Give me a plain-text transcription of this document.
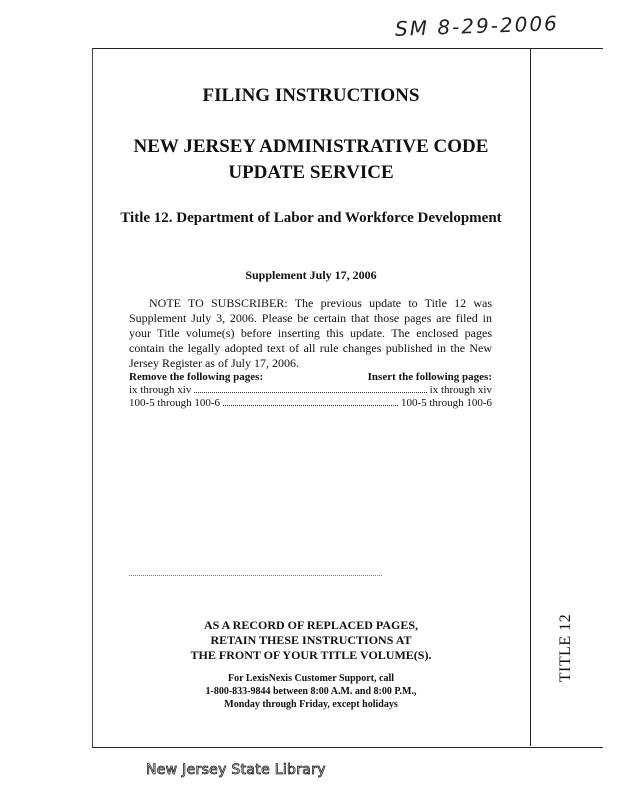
SM 8-29-2006
TITLE 12
FILING INSTRUCTIONS
NEW JERSEY ADMINISTRATIVE CODE
UPDATE SERVICE
Title 12. Department of Labor and Workforce Development
Supplement July 17, 2006

NOTE TO SUBSCRIBER: The previous update to Title 12 was Supplement July 3, 2006. Please be certain that those pages are filed in your Title volume(s) before inserting this update. The enclosed pages contain the legally adopted text of all rule changes published in the New Jersey Register as of July 17, 2006.

Remove the following pages:	Insert the following pages:
ix through xiv	ix through xiv
100-5 through 100-6	100-5 through 100-6
AS A RECORD OF REPLACED PAGES,
RETAIN THESE INSTRUCTIONS AT
THE FRONT OF YOUR TITLE VOLUME(S).
For LexisNexis Customer Support, call
1-800-833-9844 between 8:00 A.M. and 8:00 P.M.,
Monday through Friday, except holidays
New Jersey State Library
